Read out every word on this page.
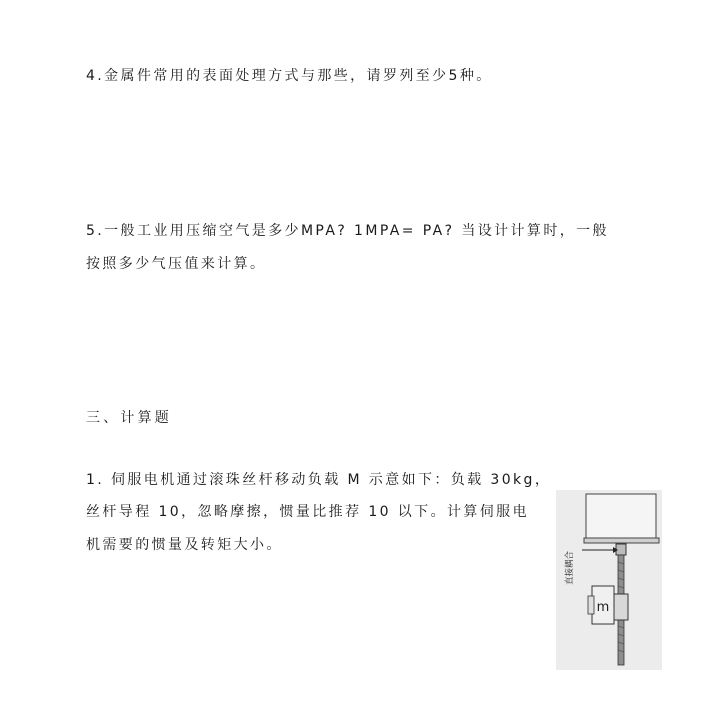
4.金属件常用的表面处理方式与那些，请罗列至少5种。
5.一般工业用压缩空气是多少MPA? 1MPA= PA? 当设计计算时，一般
按照多少气压值来计算。
三、计算题
1. 伺服电机通过滚珠丝杆移动负载 M 示意如下：负载 30kg，
丝杆导程 10，忽略摩擦，惯量比推荐 10 以下。计算伺服电
机需要的惯量及转矩大小。
m
直接耦合
